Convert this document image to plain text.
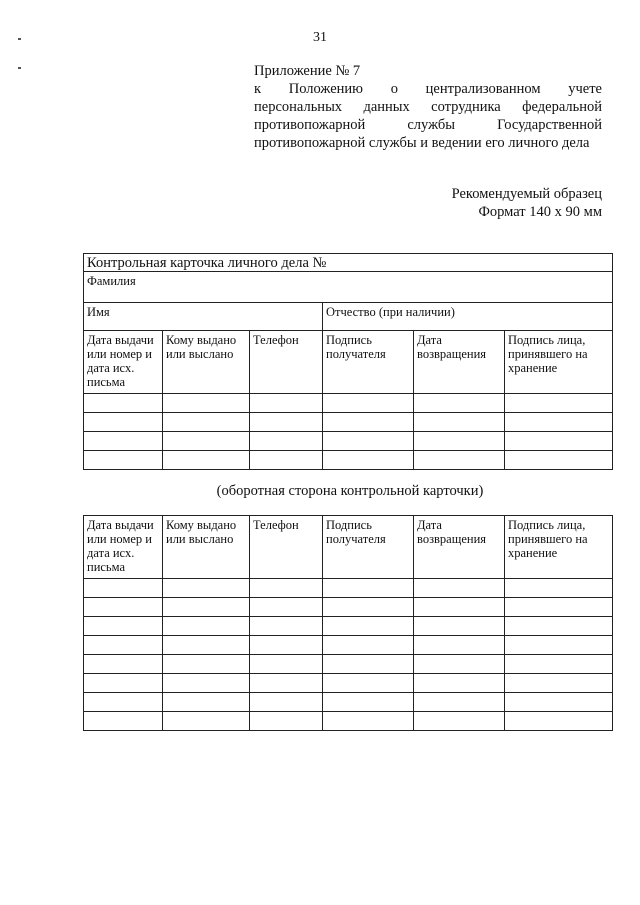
31
Приложение № 7
к Положению о централизованном учете
персональных данных сотрудника федеральной
противопожарной службы Государственной
противопожарной службы и ведении его личного дела
Рекомендуемый образец
Формат 140 x 90 мм
Контрольная карточка личного дела №					
Фамилия					
Имя			Отчество (при наличии)		
Дата выдачи или номер и дата исх. письма	Кому выдано или выслано	Телефон	Подпись получателя	Дата возвращения	Подпись лица, принявшего на хранение

(оборотная сторона контрольной карточки)
Дата выдачи или номер и дата исх. письма	Кому выдано или выслано	Телефон	Подпись получателя	Дата возвращения	Подпись лица, принявшего на хранение
